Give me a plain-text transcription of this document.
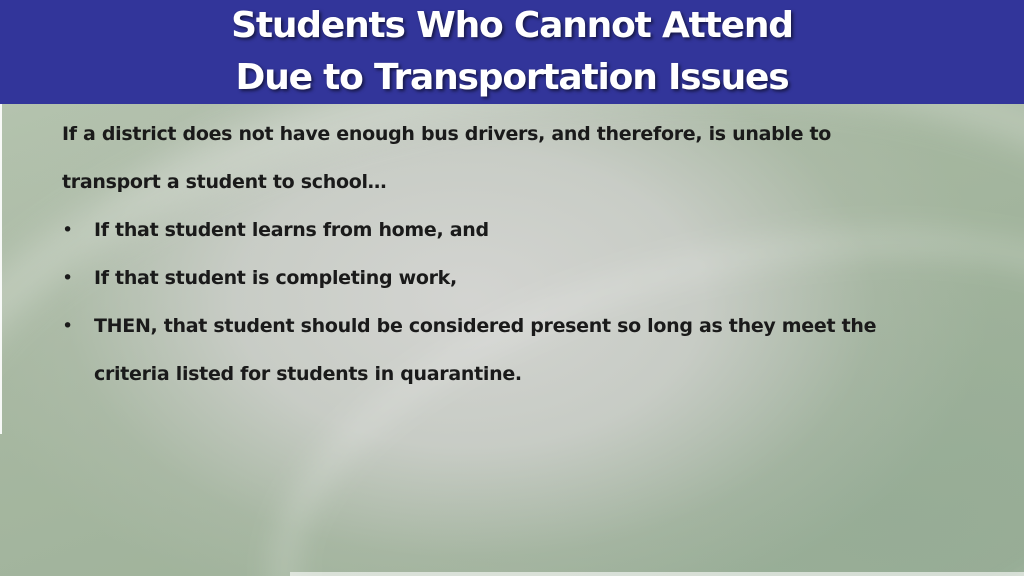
Students Who Cannot Attend
Due to Transportation Issues

If a district does not have enough bus drivers, and therefore, is unable to
transport a student to school…

• If that student learns from home, and
• If that student is completing work,
• THEN, that student should be considered present so long as they meet the
criteria listed for students in quarantine.
